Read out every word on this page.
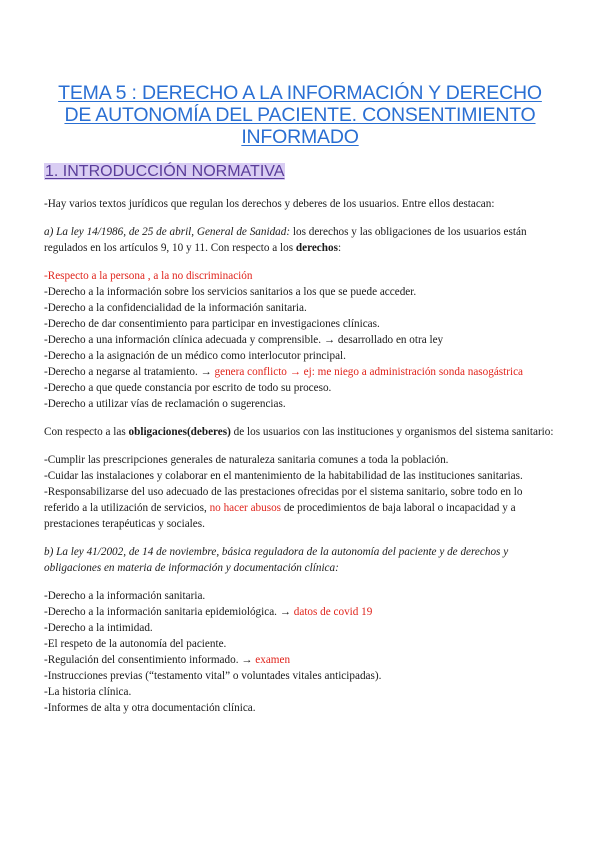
TEMA 5 : DERECHO A LA INFORMACIÓN Y DERECHO
DE AUTONOMÍA DEL PACIENTE. CONSENTIMIENTO
INFORMADO
1. INTRODUCCIÓN NORMATIVA

-Hay varios textos jurídicos que regulan los derechos y deberes de los usuarios. Entre ellos destacan:

a) La ley 14/1986, de 25 de abril, General de Sanidad: los derechos y las obligaciones de los usuarios están regulados en los artículos 9, 10 y 11. Con respecto a los derechos:

-Respecto a la persona , a la no discriminación

-Derecho a la información sobre los servicios sanitarios a los que se puede acceder.

-Derecho a la confidencialidad de la información sanitaria.

-Derecho de dar consentimiento para participar en investigaciones clínicas.

-Derecho a una información clínica adecuada y comprensible. → desarrollado en otra ley

-Derecho a la asignación de un médico como interlocutor principal.

-Derecho a negarse al tratamiento. → genera conflicto → ej: me niego a administración sonda nasogástrica

-Derecho a que quede constancia por escrito de todo su proceso.

-Derecho a utilizar vías de reclamación o sugerencias.

Con respecto a las obligaciones(deberes) de los usuarios con las instituciones y organismos del sistema sanitario:

-Cumplir las prescripciones generales de naturaleza sanitaria comunes a toda la población.

-Cuidar las instalaciones y colaborar en el mantenimiento de la habitabilidad de las instituciones sanitarias.

-Responsabilizarse del uso adecuado de las prestaciones ofrecidas por el sistema sanitario, sobre todo en lo referido a la utilización de servicios, no hacer abusos de procedimientos de baja laboral o incapacidad y a prestaciones terapéuticas y sociales.

b) La ley 41/2002, de 14 de noviembre, básica reguladora de la autonomía del paciente y de derechos y obligaciones en materia de información y documentación clínica:

-Derecho a la información sanitaria.

-Derecho a la información sanitaria epidemiológica. → datos de covid 19

-Derecho a la intimidad.

-El respeto de la autonomía del paciente.

-Regulación del consentimiento informado. → examen

-Instrucciones previas (“testamento vital” o voluntades vitales anticipadas).

-La historia clínica.

-Informes de alta y otra documentación clínica.
